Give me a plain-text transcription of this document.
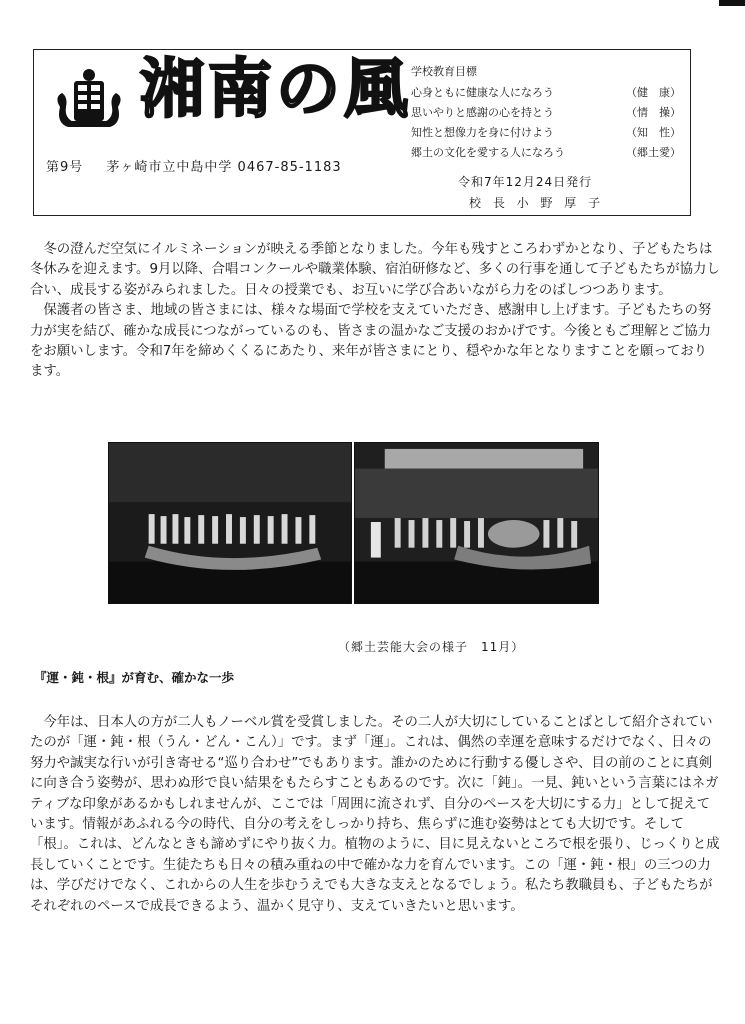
湘南の風
第9号 茅ヶ崎市立中島中学 0467-85-1183
学校教育目標
心身ともに健康な人になろう	（健　康）
思いやりと感謝の心を持とう	（情　操）
知性と想像力を身に付けよう	（知　性）
郷土の文化を愛する人になろう	（郷土愛）
令和7年12月24日発行
校 長 小 野 厚 子

冬の澄んだ空気にイルミネーションが映える季節となりました。今年も残すところわずかとなり、子どもたちは冬休みを迎えます。9月以降、合唱コンクールや職業体験、宿泊研修など、多くの行事を通して子どもたちが協力し合い、成長する姿がみられました。日々の授業でも、お互いに学び合あいながら力をのばしつつあります。

保護者の皆さま、地域の皆さまには、様々な場面で学校を支えていただき、感謝申し上げます。子どもたちの努力が実を結び、確かな成長につながっているのも、皆さまの温かなご支援のおかげです。今後ともご理解とご協力をお願いします。令和7年を締めくくるにあたり、来年が皆さまにとり、穏やかな年となりますことを願っております。

（郷土芸能大会の様子　11月）
『運・鈍・根』が育む、確かな一歩

今年は、日本人の方が二人もノーベル賞を受賞しました。その二人が大切にしていることばとして紹介されていたのが「運・鈍・根（うん・どん・こん）」です。まず「運」。これは、偶然の幸運を意味するだけでなく、日々の努力や誠実な行いが引き寄せる“巡り合わせ”でもあります。誰かのために行動する優しさや、目の前のことに真剣に向き合う姿勢が、思わぬ形で良い結果をもたらすこともあるのです。次に「鈍」。一見、鈍いという言葉にはネガティブな印象があるかもしれませんが、ここでは「周囲に流されず、自分のペースを大切にする力」として捉えています。情報があふれる今の時代、自分の考えをしっかり持ち、焦らずに進む姿勢はとても大切です。そして「根」。これは、どんなときも諦めずにやり抜く力。植物のように、目に見えないところで根を張り、じっくりと成長していくことです。生徒たちも日々の積み重ねの中で確かな力を育んでいます。この「運・鈍・根」の三つの力は、学びだけでなく、これからの人生を歩むうえでも大きな支えとなるでしょう。私たち教職員も、子どもたちがそれぞれのペースで成長できるよう、温かく見守り、支えていきたいと思います。
